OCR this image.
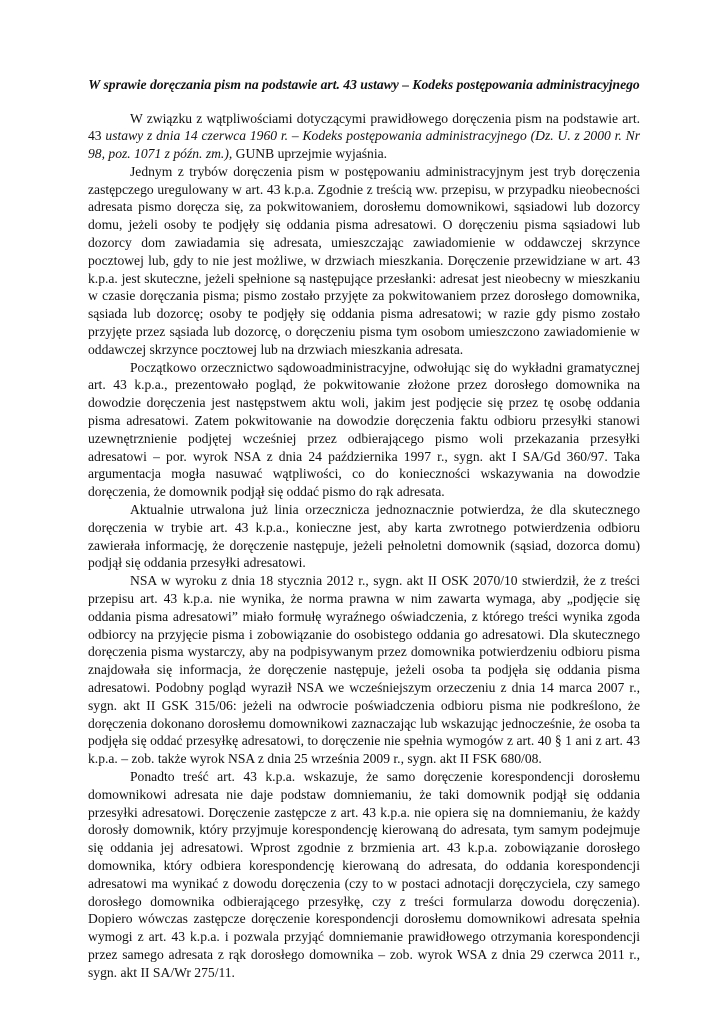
W sprawie doręczania pism na podstawie art. 43 ustawy – Kodeks postępowania administracyjnego

W związku z wątpliwościami dotyczącymi prawidłowego doręczenia pism na podstawie art. 43 ustawy z dnia 14 czerwca 1960 r. – Kodeks postępowania administracyjnego (Dz. U. z 2000 r. Nr 98, poz. 1071 z późn. zm.), GUNB uprzejmie wyjaśnia.

Jednym z trybów doręczenia pism w postępowaniu administracyjnym jest tryb doręczenia zastępczego uregulowany w art. 43 k.p.a. Zgodnie z treścią ww. przepisu, w przypadku nieobecności adresata pismo doręcza się, za pokwitowaniem, dorosłemu domownikowi, sąsiadowi lub dozorcy domu, jeżeli osoby te podjęły się oddania pisma adresatowi. O doręczeniu pisma sąsiadowi lub dozorcy dom zawiadamia się adresata, umieszczając zawiadomienie w oddawczej skrzynce pocztowej lub, gdy to nie jest możliwe, w drzwiach mieszkania. Doręczenie przewidziane w art. 43 k.p.a. jest skuteczne, jeżeli spełnione są następujące przesłanki: adresat jest nieobecny w mieszkaniu w czasie doręczania pisma; pismo zostało przyjęte za pokwitowaniem przez dorosłego domownika, sąsiada lub dozorcę; osoby te podjęły się oddania pisma adresatowi; w razie gdy pismo zostało przyjęte przez sąsiada lub dozorcę, o doręczeniu pisma tym osobom umieszczono zawiadomienie w oddawczej skrzynce pocztowej lub na drzwiach mieszkania adresata.

Początkowo orzecznictwo sądowoadministracyjne, odwołując się do wykładni gramatycznej art. 43 k.p.a., prezentowało pogląd, że pokwitowanie złożone przez dorosłego domownika na dowodzie doręczenia jest następstwem aktu woli, jakim jest podjęcie się przez tę osobę oddania pisma adresatowi. Zatem pokwitowanie na dowodzie doręczenia faktu odbioru przesyłki stanowi uzewnętrznienie podjętej wcześniej przez odbierającego pismo woli przekazania przesyłki adresatowi – por. wyrok NSA z dnia 24 października 1997 r., sygn. akt I SA/Gd 360/97. Taka argumentacja mogła nasuwać wątpliwości, co do konieczności wskazywania na dowodzie doręczenia, że domownik podjął się oddać pismo do rąk adresata.

Aktualnie utrwalona już linia orzecznicza jednoznacznie potwierdza, że dla skutecznego doręczenia w trybie art. 43 k.p.a., konieczne jest, aby karta zwrotnego potwierdzenia odbioru zawierała informację, że doręczenie następuje, jeżeli pełnoletni domownik (sąsiad, dozorca domu) podjął się oddania przesyłki adresatowi.

NSA w wyroku z dnia 18 stycznia 2012 r., sygn. akt II OSK 2070/10 stwierdził, że z treści przepisu art. 43 k.p.a. nie wynika, że norma prawna w nim zawarta wymaga, aby „podjęcie się oddania pisma adresatowi” miało formułę wyraźnego oświadczenia, z którego treści wynika zgoda odbiorcy na przyjęcie pisma i zobowiązanie do osobistego oddania go adresatowi. Dla skutecznego doręczenia pisma wystarczy, aby na podpisywanym przez domownika potwierdzeniu odbioru pisma znajdowała się informacja, że doręczenie następuje, jeżeli osoba ta podjęła się oddania pisma adresatowi. Podobny pogląd wyraził NSA we wcześniejszym orzeczeniu z dnia 14 marca 2007 r., sygn. akt II GSK 315/06: jeżeli na odwrocie poświadczenia odbioru pisma nie podkreślono, że doręczenia dokonano dorosłemu domownikowi zaznaczając lub wskazując jednocześnie, że osoba ta podjęła się oddać przesyłkę adresatowi, to doręczenie nie spełnia wymogów z art. 40 § 1 ani z art. 43 k.p.a. – zob. także wyrok NSA z dnia 25 września 2009 r., sygn. akt II FSK 680/08.

Ponadto treść art. 43 k.p.a. wskazuje, że samo doręczenie korespondencji dorosłemu domownikowi adresata nie daje podstaw domniemaniu, że taki domownik podjął się oddania przesyłki adresatowi. Doręczenie zastępcze z art. 43 k.p.a. nie opiera się na domniemaniu, że każdy dorosły domownik, który przyjmuje korespondencję kierowaną do adresata, tym samym podejmuje się oddania jej adresatowi. Wprost zgodnie z brzmienia art. 43 k.p.a. zobowiązanie dorosłego domownika, który odbiera korespondencję kierowaną do adresata, do oddania korespondencji adresatowi ma wynikać z dowodu doręczenia (czy to w postaci adnotacji doręczyciela, czy samego dorosłego domownika odbierającego przesyłkę, czy z treści formularza dowodu doręczenia). Dopiero wówczas zastępcze doręczenie korespondencji dorosłemu domownikowi adresata spełnia wymogi z art. 43 k.p.a. i pozwala przyjąć domniemanie prawidłowego otrzymania korespondencji przez samego adresata z rąk dorosłego domownika – zob. wyrok WSA z dnia 29 czerwca 2011 r., sygn. akt II SA/Wr 275/11.
